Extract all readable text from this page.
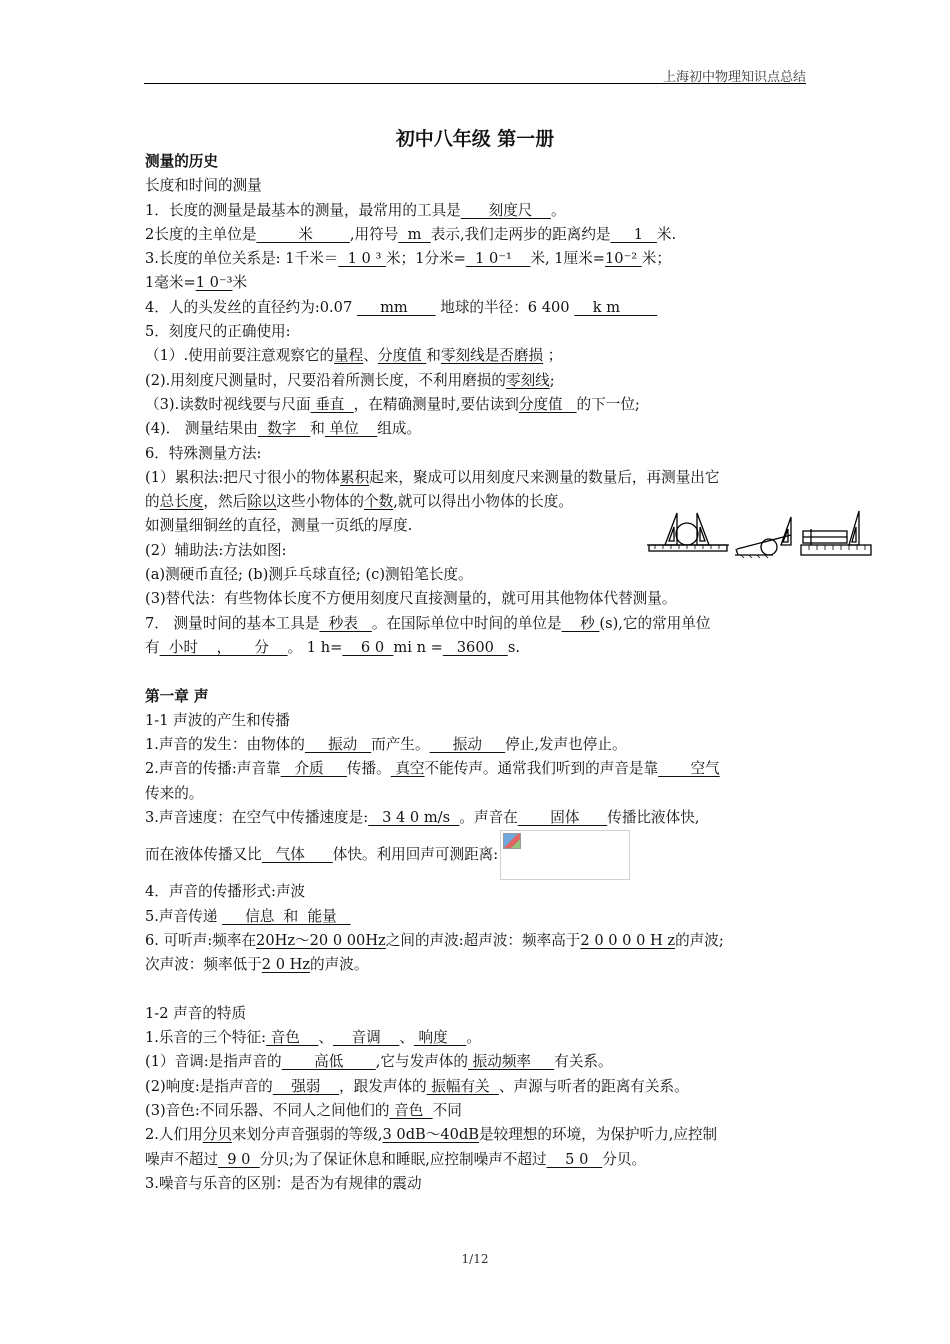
上海初中物理知识点总结
初中八年级 第一册
测量的历史
长度和时间的测量
1．长度的测量是最基本的测量，最常用的工具是      刻度尺    。
2长度的主单位是         米        ,用符号  m  表示,我们走两步的距离约是     1   米.
3.长度的单位关系是: 1千米＝  1 0 ³ 米；1分米=  1 0⁻¹    米, 1厘米=10⁻² 米；
1毫米=1 0⁻³米
4．人的头发丝的直径约为:0.07      mm       地球的半径：6 400     k m
5．刻度尺的正确使用:
（1）.使用前要注意观察它的量程、分度值 和零刻线是否磨损 ；
(2).用刻度尺测量时，尺要沿着所测长度，不利用磨损的零刻线;
（3).读数时视线要与尺面 垂直  ，在精确测量时,要估读到分度值   的下一位;
(4)． 测量结果由  数字   和 单位    组成。
6．特殊测量方法:
(1）累积法:把尺寸很小的物体累积起来，聚成可以用刻度尺来测量的数量后，再测量出它
的总长度，然后除以这些小物体的个数,就可以得出小物体的长度。
如测量细铜丝的直径，测量一页纸的厚度.
(2）辅助法:方法如图:
(a)测硬币直径; (b)测乒乓球直径; (c)测铅笔长度。
(3)替代法：有些物体长度不方便用刻度尺直接测量的，就可用其他物体代替测量。
7． 测量时间的基本工具是  秒表   。在国际单位中时间的单位是    秒 (s),它的常用单位
有  小时    ，     分    。 1 h=    6 0  mi n =   3600   s.
第一章 声
1-1 声波的产生和传播
1.声音的发生：由物体的     振动   而产生。     振动     停止,发声也停止。
2.声音的传播:声音靠   介质     传播。 真空不能传声。通常我们听到的声音是靠       空气
传来的。
3.声音速度：在空气中传播速度是:   3 4 0 m/s  。声音在       固体      传播比液体快,
而在液体传播又比   气体      体快。利用回声可测距离:
4．声音的传播形式:声波
5.声音传递      信息  和  能量
6. 可听声:频率在20Hz～20 0 00Hz之间的声波:超声波：频率高于2 0 0 0 0 H z的声波;
次声波：频率低于2 0 Hz的声波。
1-2 声音的特质
1.乐音的三个特征: 音色    、    音调    、 响度    。
(1）音调:是指声音的       高低       ,它与发声体的 振动频率     有关系。
(2)响度:是指声音的    强弱    ，跟发声体的 振幅有关  、声源与听者的距离有关系。
(3)音色:不同乐器、不同人之间他们的 音色  不同
2.人们用分贝来划分声音强弱的等级,3 0dB～40dB是较理想的环境，为保护听力,应控制
噪声不超过  9 0  分贝;为了保证休息和睡眠,应控制噪声不超过    5 0   分贝。
3.噪音与乐音的区别：是否为有规律的震动
1/12
